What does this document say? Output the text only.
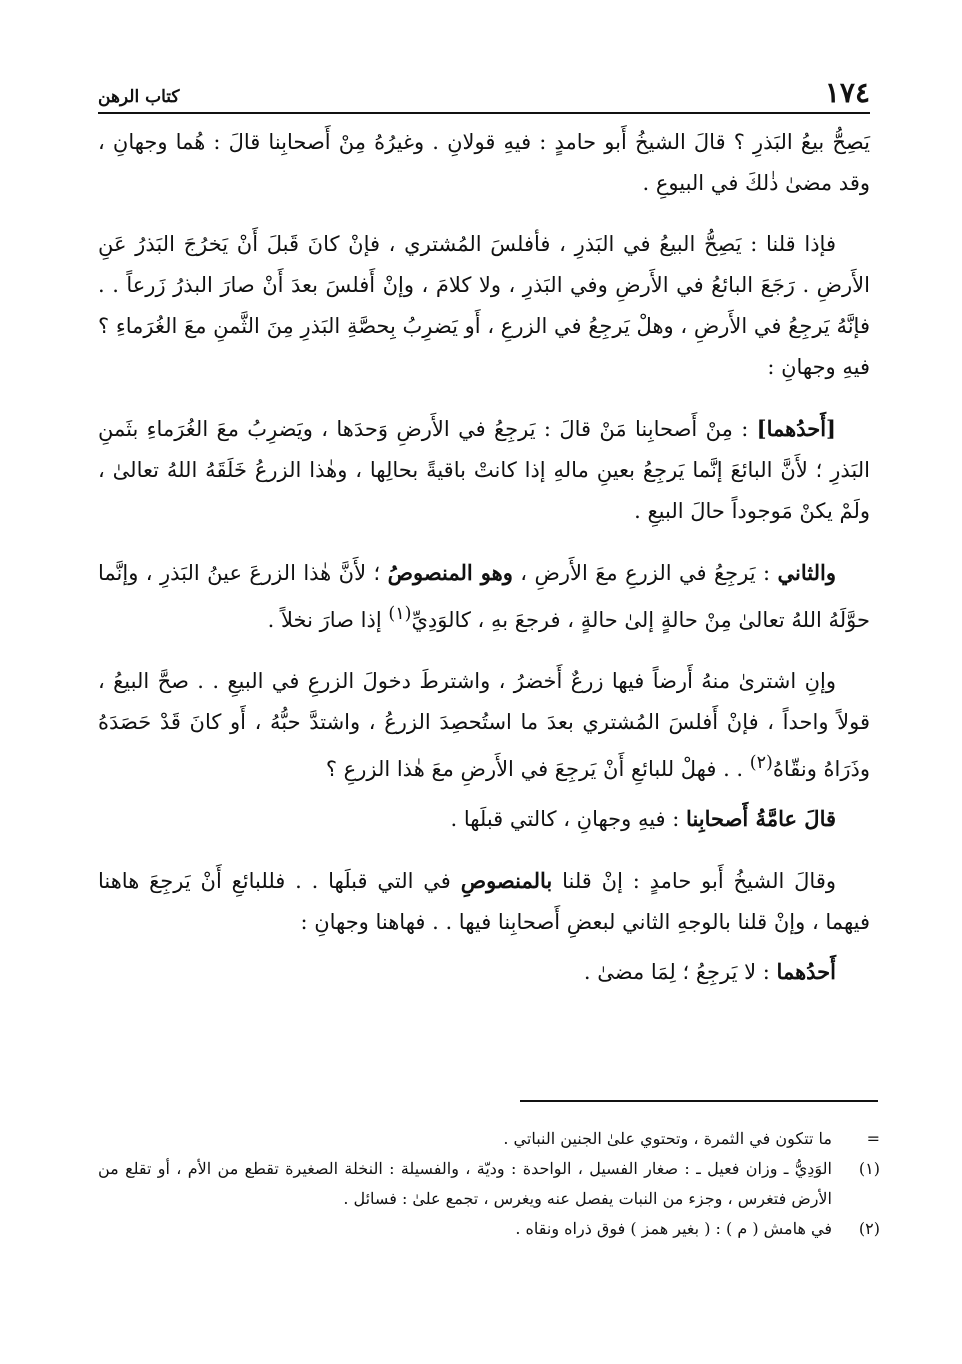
١٧٤
كتاب الرهن

يَصِحُّ بيعُ البَذرِ ؟ قالَ الشيخُ أَبو حامدٍ : فيهِ قولانِ . وغيرُهُ مِنْ أَصحابِنا قالَ : هُما وجهانِ ، وقد مضىٰ ذٰلكَ في البيوعِ .

فإذا قلنا : يَصِحُّ البيعُ في البَذرِ ، فأفلسَ المُشتري ، فإنْ كانَ قَبلَ أَنْ يَخرُجَ البَذرُ عَنِ الأَرضِ . رَجَعَ البائعُ في الأَرضِ وفي البَذرِ ، ولا كلامَ ، وإنْ أَفلسَ بعدَ أَنْ صارَ البذرُ زَرعاً . . فإنَّهُ يَرجِعُ في الأَرضِ ، وهلْ يَرجِعُ في الزرعِ ، أَو يَضرِبُ بِحصَّةِ البَذرِ مِنَ الثَّمنِ معَ الغُرَماءِ ؟ فيهِ وجهانِ :

[أَحدُهما] : مِنْ أَصحابِنا مَنْ قالَ : يَرجِعُ في الأَرضِ وَحدَها ، ويَضرِبُ معَ الغُرَماءِ بثَمنِ البَذرِ ؛ لأَنَّ البائعَ إنَّما يَرجِعُ بعينِ مالهِ إذا كانتْ باقيةً بحالِها ، وهٰذا الزرعُ خَلَقَهُ اللهُ تعالىٰ ، ولَمْ يكنْ مَوجوداً حالَ البيعِ .

والثاني : يَرجِعُ في الزرعِ معَ الأَرضِ ، وهو المنصوصُ ؛ لأَنَّ هٰذا الزرعَ عينُ البَذرِ ، وإنَّما حوَّلَهُ اللهُ تعالىٰ مِنْ حالةٍ إلىٰ حالةٍ ، فرجعَ بهِ ، كالوَدِيِّ$^{(١)}$ إذا صارَ نخلاً .

وإنِ اشترىٰ منهُ أَرضاً فيها زرعٌ أَخضرُ ، واشترطَ دخولَ الزرعِ في البيعِ . . صحَّ البيعُ ، قولاً واحداً ، فإنْ أَفلسَ المُشتري بعدَ ما استُحصِدَ الزرعُ ، واشتدَّ حبُّهُ ، أَو كانَ قَدْ حَصَدَهُ وذَرَاهُ ونقّاهُ$^{(٢)}$ . . فهلْ للبائعِ أَنْ يَرجِعَ في الأَرضِ معَ هٰذا الزرعِ ؟

قالَ عامَّةُ أَصحابِنا : فيهِ وجهانِ ، كالتي قبلَها .

وقالَ الشيخُ أَبو حامدٍ : إنْ قلنا بالمنصوصِ في التي قبلَها . . فللبائعِ أَنْ يَرجِعَ هاهنا فيهما ، وإنْ قلنا بالوجهِ الثاني لبعضِ أَصحابِنا فيها . . فهاهنا وجهانِ :

أَحدُهما : لا يَرجِعُ ؛ لِمَا مضىٰ .

=
ما تتكون في الثمرة ، وتحتوي علىٰ الجنين النباتي .
(١)
الوَدِيُّ ـ وزان فعيل ـ : صغار الفسيل ، الواحدة : وديّة ، والفسيلة : النخلة الصغيرة تقطع من الأم ، أو تقلع من الأرض فتغرس ، وجزء من النبات يفصل عنه ويغرس ، تجمع علىٰ : فسائل .
(٢)
في هامش ( م ) : ( بغير همز ) فوق ذراه ونقاه .
